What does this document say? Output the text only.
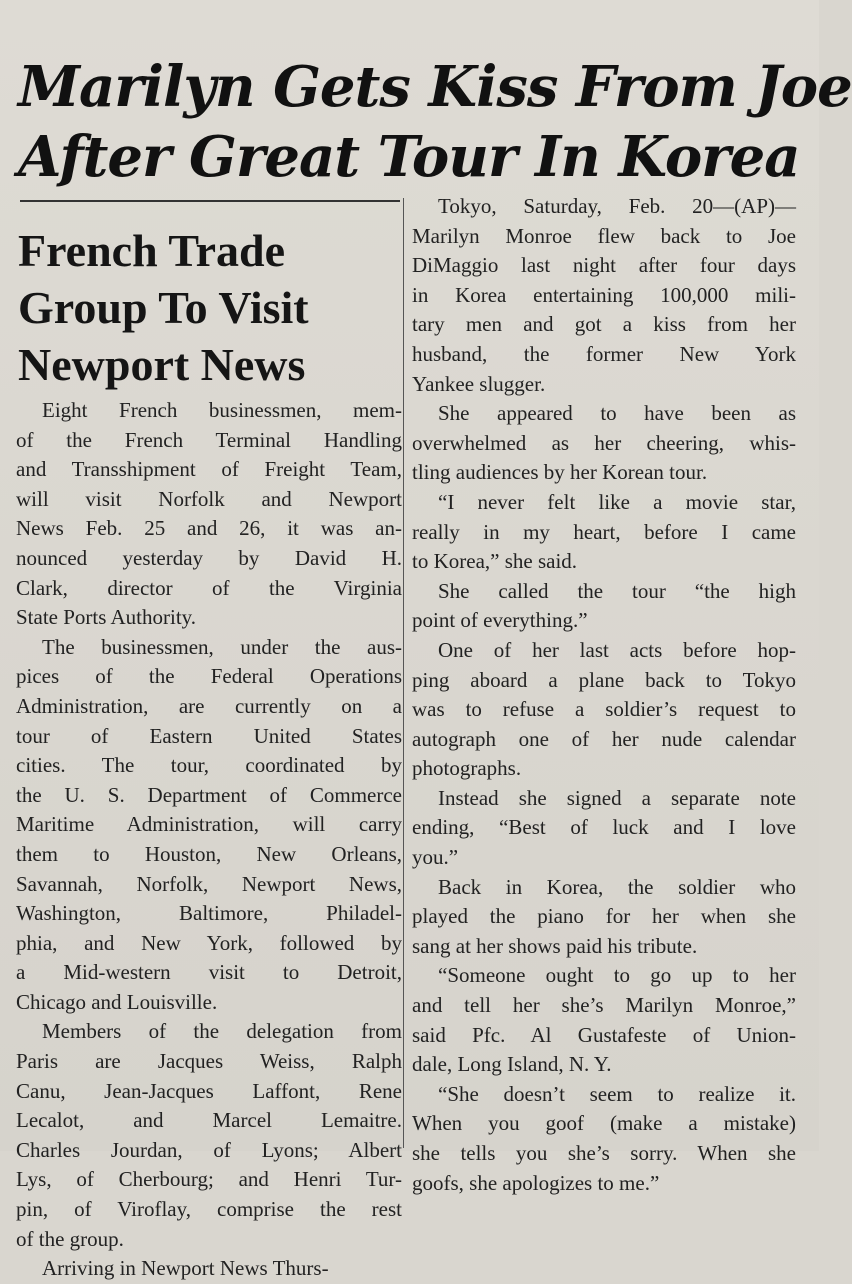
Marilyn Gets Kiss From Joe
After Great Tour In Korea
French Trade
Group To Visit
Newport News
Eight French businessmen, mem-
of the French Terminal Handling
and Transshipment of Freight Team,
will visit Norfolk and Newport
News Feb. 25 and 26, it was an-
nounced yesterday by David H.
Clark, director of the Virginia
State Ports Authority.
The businessmen, under the aus-
pices of the Federal Operations
Administration, are currently on a
tour of Eastern United States
cities. The tour, coordinated by
the U. S. Department of Commerce
Maritime Administration, will carry
them to Houston, New Orleans,
Savannah, Norfolk, Newport News,
Washington, Baltimore, Philadel-
phia, and New York, followed by
a Mid-western visit to Detroit,
Chicago and Louisville.
Members of the delegation from
Paris are Jacques Weiss, Ralph
Canu, Jean-Jacques Laffont, Rene
Lecalot, and Marcel Lemaitre.
Charles Jourdan, of Lyons; Albert
Lys, of Cherbourg; and Henri Tur-
pin, of Viroflay, comprise the rest
of the group.
Arriving in Newport News Thurs-
Tokyo, Saturday, Feb. 20—(AP)—
Marilyn Monroe flew back to Joe
DiMaggio last night after four days
in Korea entertaining 100,000 mili-
tary men and got a kiss from her
husband, the former New York
Yankee slugger.
She appeared to have been as
overwhelmed as her cheering, whis-
tling audiences by her Korean tour.
“I never felt like a movie star,
really in my heart, before I came
to Korea,” she said.
She called the tour “the high
point of everything.”
One of her last acts before hop-
ping aboard a plane back to Tokyo
was to refuse a soldier’s request to
autograph one of her nude calendar
photographs.
Instead she signed a separate note
ending, “Best of luck and I love
you.”
Back in Korea, the soldier who
played the piano for her when she
sang at her shows paid his tribute.
“Someone ought to go up to her
and tell her she’s Marilyn Monroe,”
said Pfc. Al Gustafeste of Union-
dale, Long Island, N. Y.
“She doesn’t seem to realize it.
When you goof (make a mistake)
she tells you she’s sorry. When she
goofs, she apologizes to me.”
